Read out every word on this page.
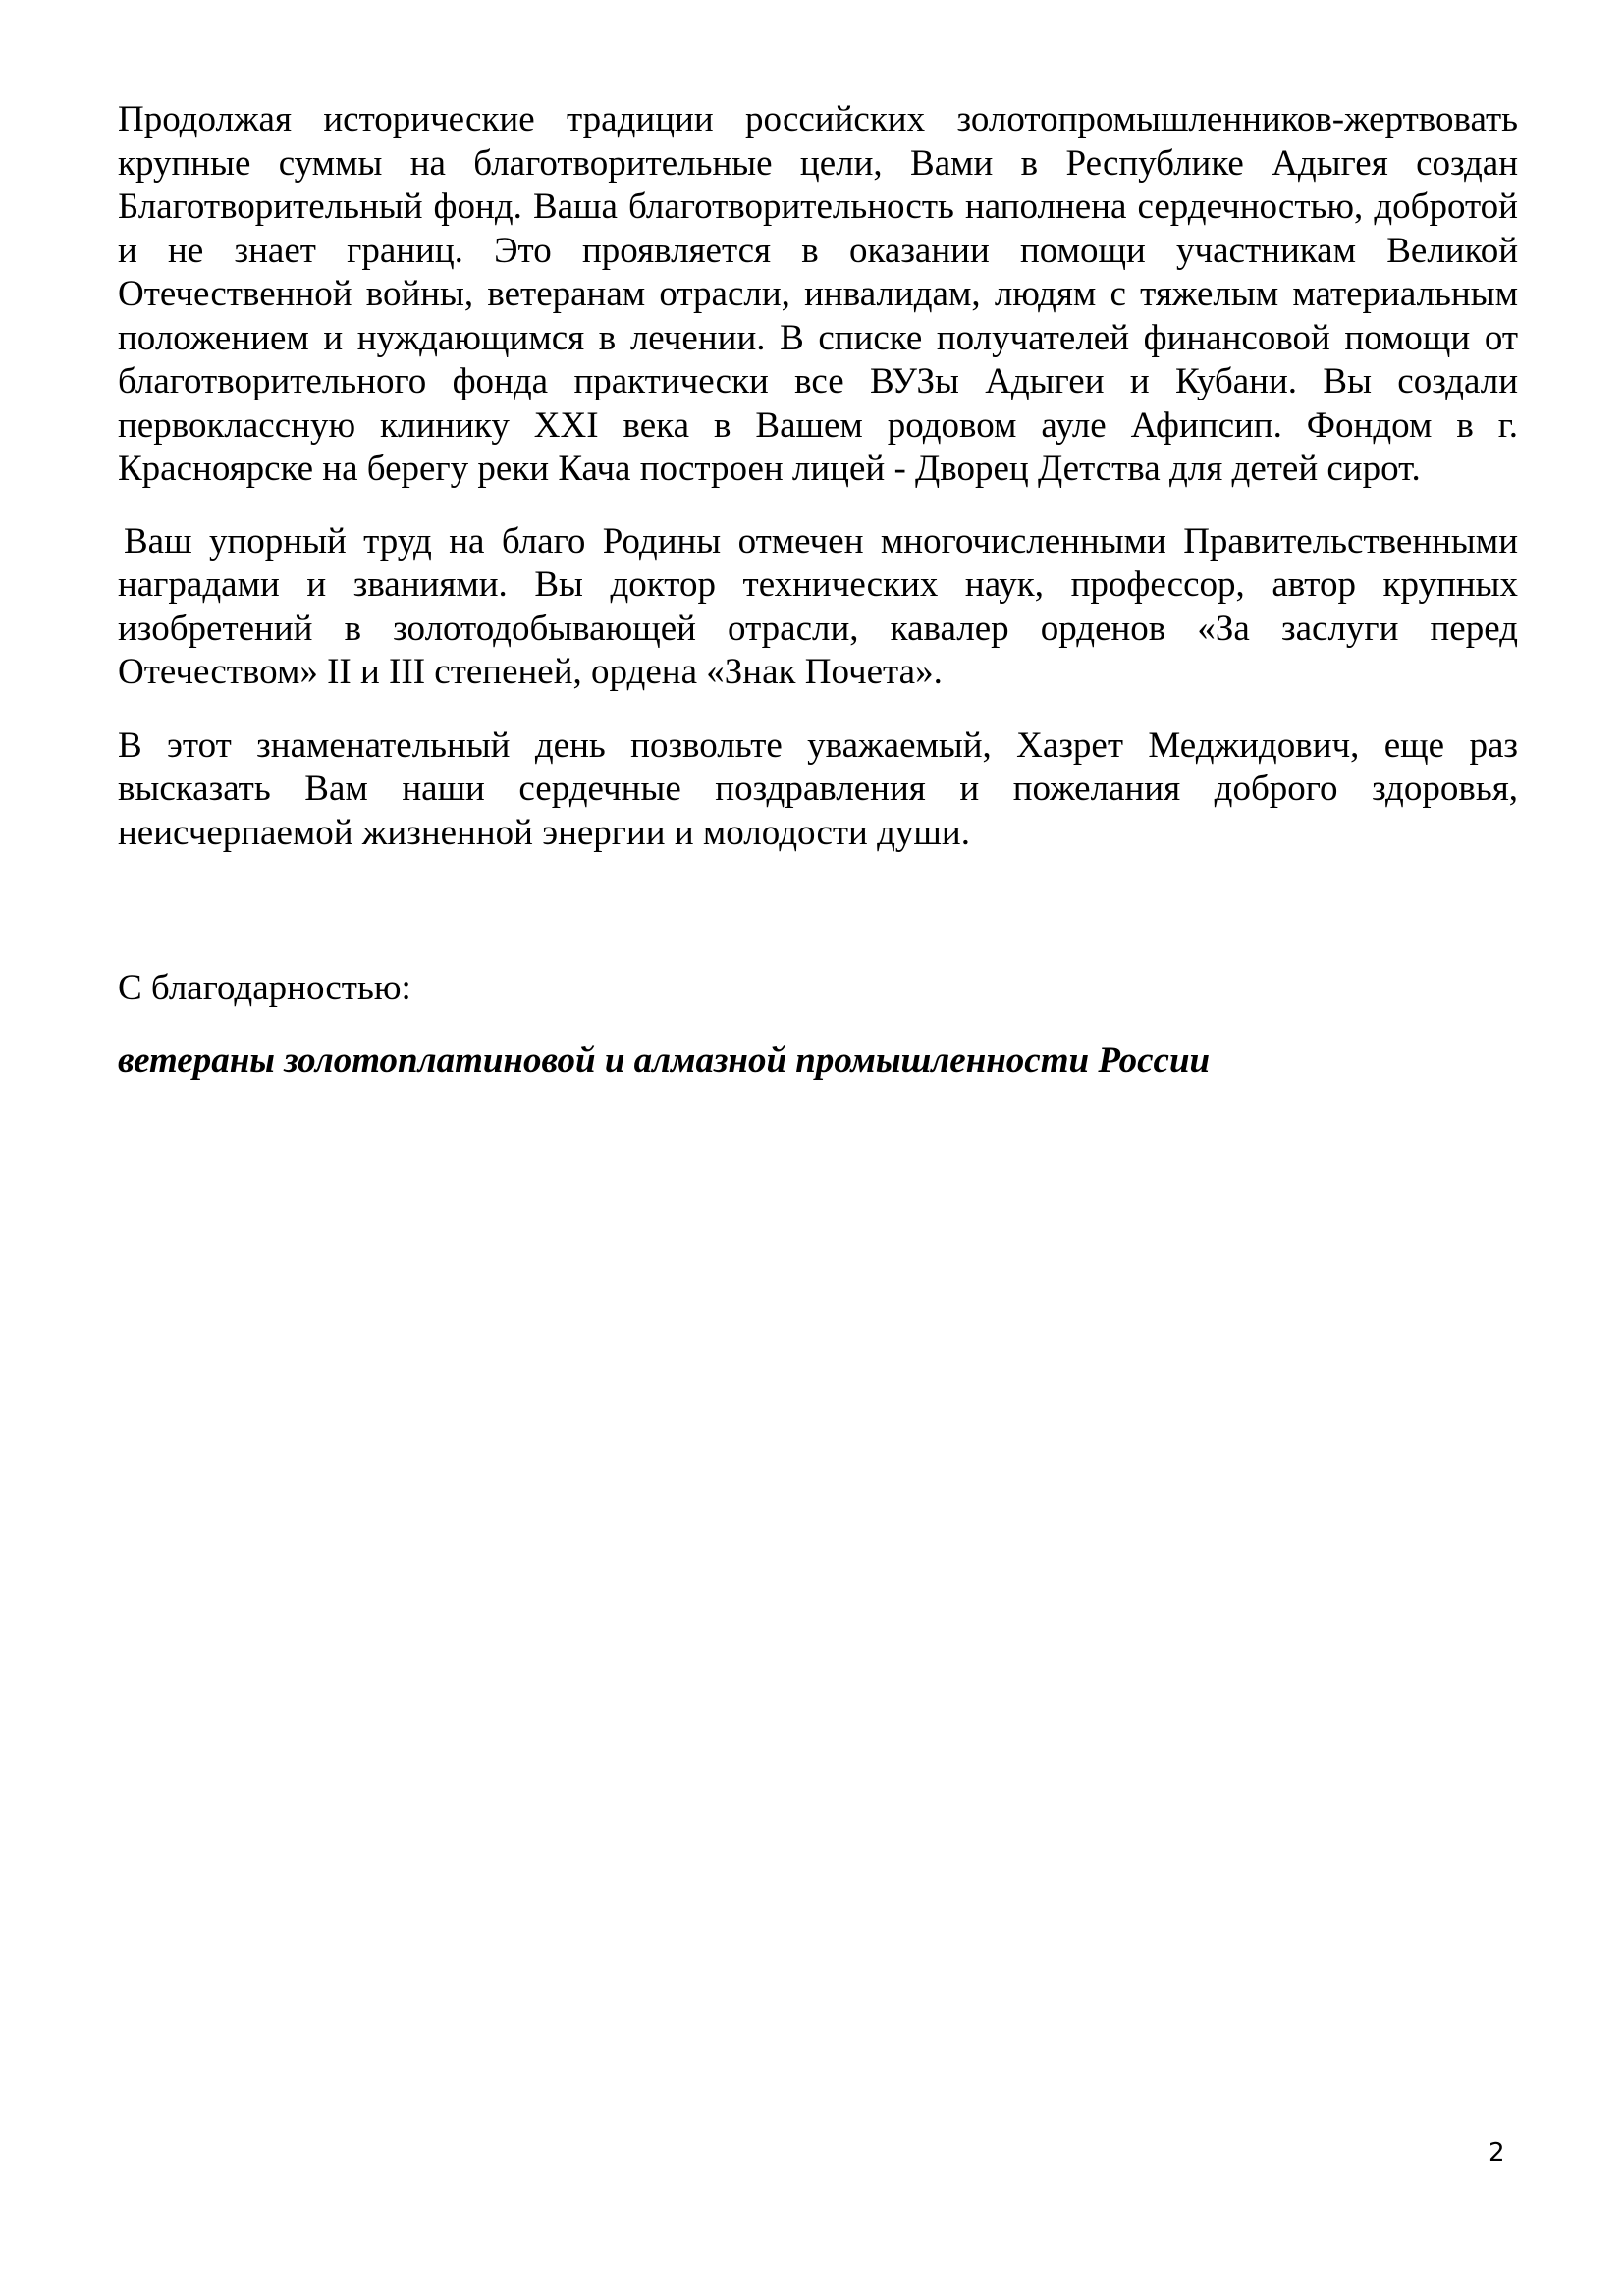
Продолжая исторические традиции российских золотопромышленников-жертвовать крупные суммы на благотворительные цели, Вами в Республике Адыгея создан Благотворительный фонд. Ваша благотворительность наполнена сердечностью, добротой и не знает границ. Это проявляется в оказании помощи участникам Великой Отечественной войны, ветеранам отрасли, инвалидам, людям с тяжелым материальным положением и нуждающимся в лечении. В списке получателей финансовой помощи от благотворительного фонда практически все ВУЗы Адыгеи и Кубани. Вы создали первоклассную клинику XXI века в Вашем родовом ауле Афипсип. Фондом в г. Красноярске на берегу реки Кача построен лицей - Дворец Детства для детей сирот.

Ваш упорный труд на благо Родины отмечен многочисленными Правительственными наградами и званиями. Вы доктор технических наук, профессор, автор крупных изобретений в золотодобывающей отрасли, кавалер орденов «За заслуги перед Отечеством» II и III степеней, ордена «Знак Почета».

В этот знаменательный день позвольте уважаемый, Хазрет Меджидович, еще раз высказать Вам наши сердечные поздравления и пожелания доброго здоровья, неисчерпаемой жизненной энергии и молодости души.

С благодарностью:

ветераны золотоплатиновой и алмазной промышленности России

2
